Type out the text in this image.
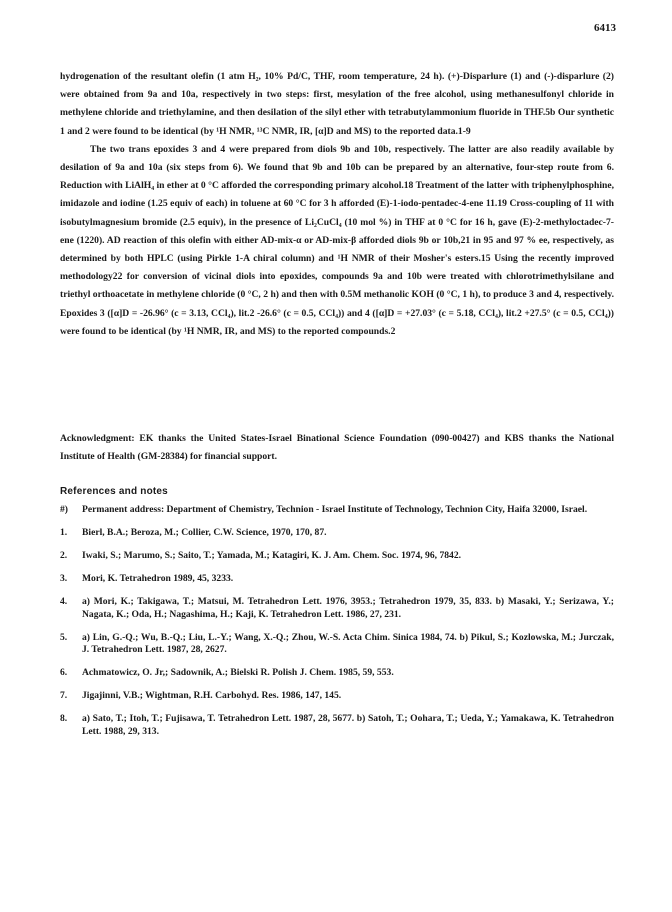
6413

hydrogenation of the resultant olefin (1 atm H₂, 10% Pd/C, THF, room temperature, 24 h). (+)-Disparlure (1) and (-)-disparlure (2) were obtained from 9a and 10a, respectively in two steps: first, mesylation of the free alcohol, using methanesulfonyl chloride in methylene chloride and triethylamine, and then desilation of the silyl ether with tetrabutylammonium fluoride in THF.5b Our synthetic 1 and 2 were found to be identical (by ¹H NMR, ¹³C NMR, IR, [α]D and MS) to the reported data.1-9

The two trans epoxides 3 and 4 were prepared from diols 9b and 10b, respectively. The latter are also readily available by desilation of 9a and 10a (six steps from 6). We found that 9b and 10b can be prepared by an alternative, four-step route from 6. Reduction with LiAlH₄ in ether at 0 °C afforded the corresponding primary alcohol.18 Treatment of the latter with triphenylphosphine, imidazole and iodine (1.25 equiv of each) in toluene at 60 °C for 3 h afforded (E)-1-iodo-pentadec-4-ene 11.19 Cross-coupling of 11 with isobutylmagnesium bromide (2.5 equiv), in the presence of Li₂CuCl₄ (10 mol %) in THF at 0 °C for 16 h, gave (E)-2-methyloctadec-7-ene (1220). AD reaction of this olefin with either AD-mix-α or AD-mix-β afforded diols 9b or 10b,21 in 95 and 97 % ee, respectively, as determined by both HPLC (using Pirkle 1-A chiral column) and ¹H NMR of their Mosher's esters.15 Using the recently improved methodology22 for conversion of vicinal diols into epoxides, compounds 9a and 10b were treated with chlorotrimethylsilane and triethyl orthoacetate in methylene chloride (0 °C, 2 h) and then with 0.5M methanolic KOH (0 °C, 1 h), to produce 3 and 4, respectively. Epoxides 3 ([α]D = -26.96° (c = 3.13, CCl₄), lit.2 -26.6° (c = 0.5, CCl₄)) and 4 ([α]D = +27.03° (c = 5.18, CCl₄), lit.2 +27.5° (c = 0.5, CCl₄)) were found to be identical (by ¹H NMR, IR, and MS) to the reported compounds.2

Acknowledgment: EK thanks the United States-Israel Binational Science Foundation (090-00427) and KBS thanks the National Institute of Health (GM-28384) for financial support.
References and notes
#)	Permanent address: Department of Chemistry, Technion - Israel Institute of Technology, Technion City, Haifa 32000, Israel.
1.	Bierl, B.A.; Beroza, M.; Collier, C.W. Science, 1970, 170, 87.
2.	Iwaki, S.; Marumo, S.; Saito, T.; Yamada, M.; Katagiri, K. J. Am. Chem. Soc. 1974, 96, 7842.
3.	Mori, K. Tetrahedron 1989, 45, 3233.
4.	a) Mori, K.; Takigawa, T.; Matsui, M. Tetrahedron Lett. 1976, 3953.; Tetrahedron 1979, 35, 833. b) Masaki, Y.; Serizawa, Y.; Nagata, K.; Oda, H.; Nagashima, H.; Kaji, K. Tetrahedron Lett. 1986, 27, 231.
5.	a) Lin, G.-Q.; Wu, B.-Q.; Liu, L.-Y.; Wang, X.-Q.; Zhou, W.-S. Acta Chim. Sinica 1984, 74. b) Pikul, S.; Kozlowska, M.; Jurczak, J. Tetrahedron Lett. 1987, 28, 2627.
6.	Achmatowicz, O. Jr,; Sadownik, A.; Bielski R. Polish J. Chem. 1985, 59, 553.
7.	Jigajinni, V.B.; Wightman, R.H. Carbohyd. Res. 1986, 147, 145.
8.	a) Sato, T.; Itoh, T.; Fujisawa, T. Tetrahedron Lett. 1987, 28, 5677. b) Satoh, T.; Oohara, T.; Ueda, Y.; Yamakawa, K. Tetrahedron Lett. 1988, 29, 313.
